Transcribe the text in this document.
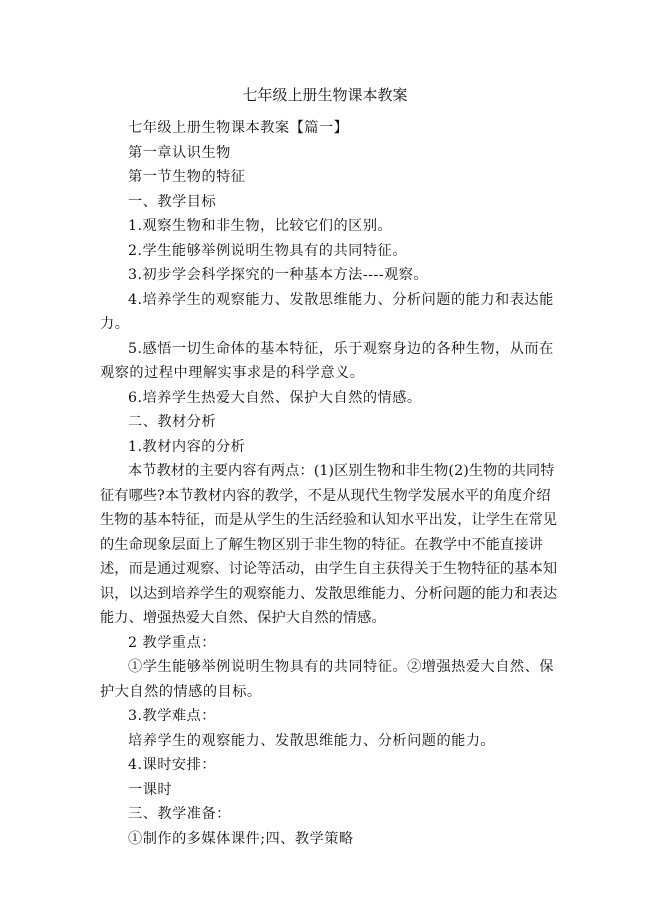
七年级上册生物课本教案

七年级上册生物课本教案【篇一】

第一章认识生物

第一节生物的特征

一、教学目标

1.观察生物和非生物，比较它们的区别。

2.学生能够举例说明生物具有的共同特征。

3.初步学会科学探究的一种基本方法----观察。

4.培养学生的观察能力、发散思维能力、分析问题的能力和表达能力。

5.感悟一切生命体的基本特征，乐于观察身边的各种生物，从而在观察的过程中理解实事求是的科学意义。

6.培养学生热爱大自然、保护大自然的情感。

二、教材分析

1.教材内容的分析

本节教材的主要内容有两点：(1)区别生物和非生物(2)生物的共同特征有哪些?本节教材内容的教学，不是从现代生物学发展水平的角度介绍生物的基本特征，而是从学生的生活经验和认知水平出发，让学生在常见的生命现象层面上了解生物区别于非生物的特征。在教学中不能直接讲述，而是通过观察、讨论等活动，由学生自主获得关于生物特征的基本知识，以达到培养学生的观察能力、发散思维能力、分析问题的能力和表达能力、增强热爱大自然、保护大自然的情感。

2 教学重点：

①学生能够举例说明生物具有的共同特征。②增强热爱大自然、保护大自然的情感的目标。

3.教学难点：

培养学生的观察能力、发散思维能力、分析问题的能力。

4.课时安排：

一课时

三、教学准备：

①制作的多媒体课件;四、教学策略
